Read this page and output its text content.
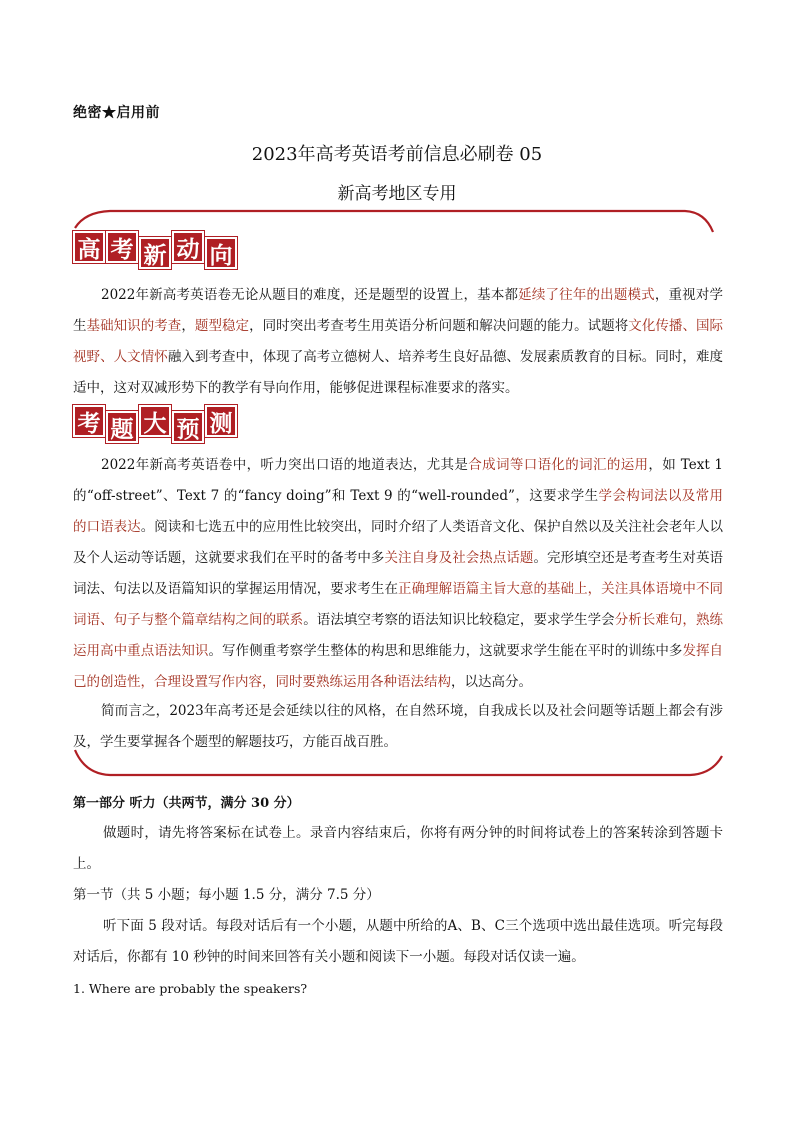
绝密★启用前
2023年高考英语考前信息必刷卷 05
新高考地区专用
高 考 新 动 向

2022年新高考英语卷无论从题目的难度，还是题型的设置上，基本都延续了往年的出题模式，重视对学生基础知识的考查，题型稳定，同时突出考查考生用英语分析问题和解决问题的能力。试题将文化传播、国际视野、人文情怀融入到考查中，体现了高考立德树人、培养考生良好品德、发展素质教育的目标。同时，难度适中，这对双减形势下的教学有导向作用，能够促进课程标准要求的落实。

考 题 大 预 测

2022年新高考英语卷中，听力突出口语的地道表达，尤其是合成词等口语化的词汇的运用，如 Text 1 的“off-street”、Text 7 的“fancy doing”和 Text 9 的“well-rounded”，这要求学生学会构词法以及常用的口语表达。阅读和七选五中的应用性比较突出，同时介绍了人类语音文化、保护自然以及关注社会老年人以及个人运动等话题，这就要求我们在平时的备考中多关注自身及社会热点话题。完形填空还是考查考生对英语词法、句法以及语篇知识的掌握运用情况，要求考生在正确理解语篇主旨大意的基础上，关注具体语境中不同词语、句子与整个篇章结构之间的联系。语法填空考察的语法知识比较稳定，要求学生学会分析长难句，熟练运用高中重点语法知识。写作侧重考察学生整体的构思和思维能力，这就要求学生能在平时的训练中多发挥自己的创造性，合理设置写作内容，同时要熟练运用各种语法结构，以达高分。

简而言之，2023年高考还是会延续以往的风格，在自然环境，自我成长以及社会问题等话题上都会有涉及，学生要掌握各个题型的解题技巧，方能百战百胜。

第一部分 听力（共两节，满分 30 分）

做题时，请先将答案标在试卷上。录音内容结束后，你将有两分钟的时间将试卷上的答案转涂到答题卡上。

第一节（共 5 小题；每小题 1.5 分，满分 7.5 分）

听下面 5 段对话。每段对话后有一个小题，从题中所给的A、B、C三个选项中选出最佳选项。听完每段对话后，你都有 10 秒钟的时间来回答有关小题和阅读下一小题。每段对话仅读一遍。

1. Where are probably the speakers?
